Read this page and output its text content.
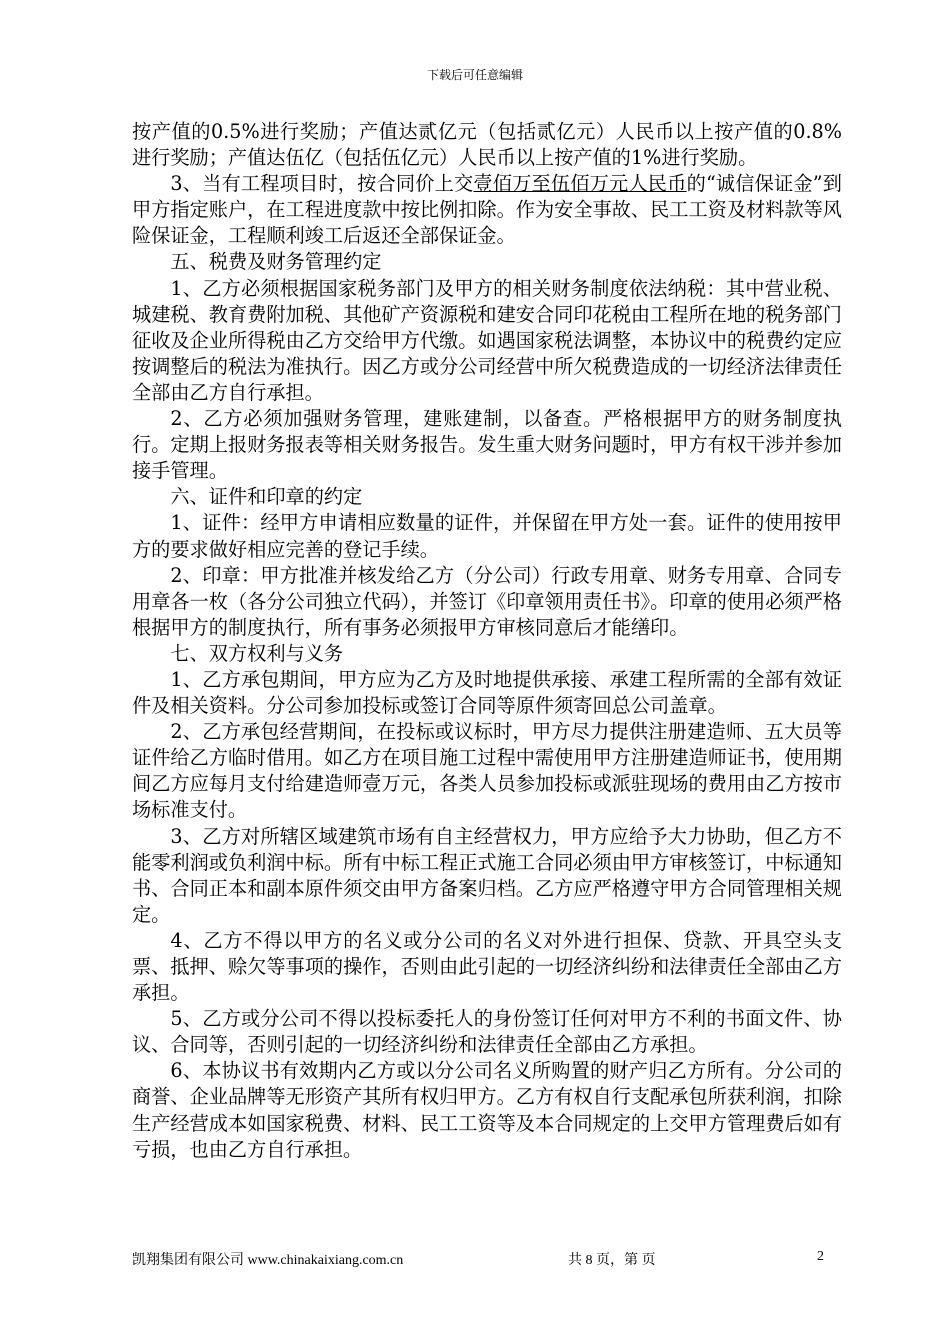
下载后可任意编辑

按产值的0.5%进行奖励；产值达贰亿元（包括贰亿元）人民币以上按产值的0.8%进行奖励；产值达伍亿（包括伍亿元）人民币以上按产值的1%进行奖励。

3、当有工程项目时，按合同价上交壹佰万至伍佰万元人民币的“诚信保证金”到甲方指定账户，在工程进度款中按比例扣除。作为安全事故、民工工资及材料款等风险保证金，工程顺利竣工后返还全部保证金。

五、税费及财务管理约定

1、乙方必须根据国家税务部门及甲方的相关财务制度依法纳税：其中营业税、城建税、教育费附加税、其他矿产资源税和建安合同印花税由工程所在地的税务部门征收及企业所得税由乙方交给甲方代缴。如遇国家税法调整，本协议中的税费约定应按调整后的税法为准执行。因乙方或分公司经营中所欠税费造成的一切经济法律责任全部由乙方自行承担。

2、乙方必须加强财务管理，建账建制，以备查。严格根据甲方的财务制度执行。定期上报财务报表等相关财务报告。发生重大财务问题时，甲方有权干涉并参加接手管理。

六、证件和印章的约定

1、证件：经甲方申请相应数量的证件，并保留在甲方处一套。证件的使用按甲方的要求做好相应完善的登记手续。

2、印章：甲方批准并核发给乙方（分公司）行政专用章、财务专用章、合同专用章各一枚（各分公司独立代码），并签订《印章领用责任书》。印章的使用必须严格根据甲方的制度执行，所有事务必须报甲方审核同意后才能缮印。

七、双方权利与义务

1、乙方承包期间，甲方应为乙方及时地提供承接、承建工程所需的全部有效证件及相关资料。分公司参加投标或签订合同等原件须寄回总公司盖章。

2、乙方承包经营期间，在投标或议标时，甲方尽力提供注册建造师、五大员等证件给乙方临时借用。如乙方在项目施工过程中需使用甲方注册建造师证书，使用期间乙方应每月支付给建造师壹万元，各类人员参加投标或派驻现场的费用由乙方按市场标准支付。

3、乙方对所辖区域建筑市场有自主经营权力，甲方应给予大力协助，但乙方不能零利润或负利润中标。所有中标工程正式施工合同必须由甲方审核签订，中标通知书、合同正本和副本原件须交由甲方备案归档。乙方应严格遵守甲方合同管理相关规定。

4、乙方不得以甲方的名义或分公司的名义对外进行担保、贷款、开具空头支票、抵押、赊欠等事项的操作，否则由此引起的一切经济纠纷和法律责任全部由乙方承担。

5、乙方或分公司不得以投标委托人的身份签订任何对甲方不利的书面文件、协议、合同等，否则引起的一切经济纠纷和法律责任全部由乙方承担。

6、本协议书有效期内乙方或以分公司名义所购置的财产归乙方所有。分公司的商誉、企业品牌等无形资产其所有权归甲方。乙方有权自行支配承包所获利润，扣除生产经营成本如国家税费、材料、民工工资等及本合同规定的上交甲方管理费后如有亏损，也由乙方自行承担。

凯翔集团有限公司 www.chinakaixiang.com.cn	共 8 页，第 页	2
